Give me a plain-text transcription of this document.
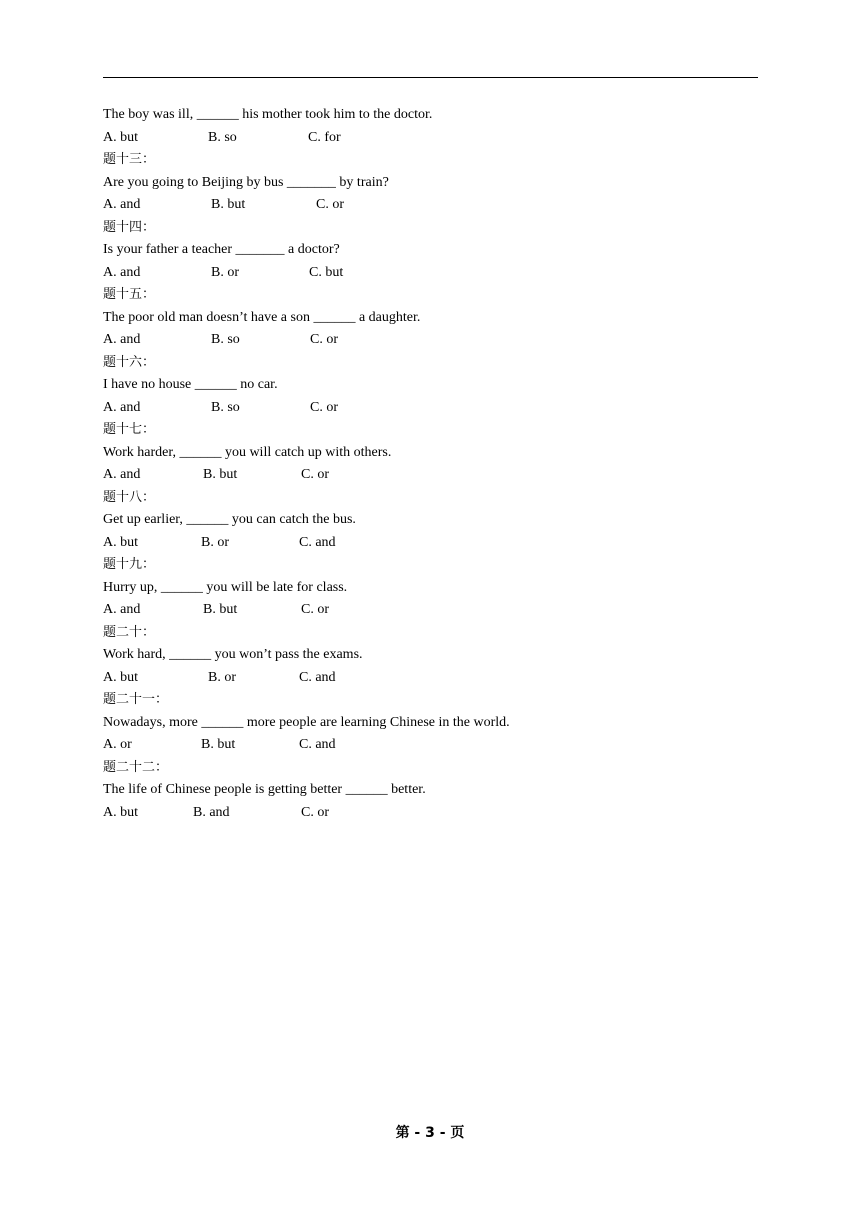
The boy was ill, ______ his mother took him to the doctor.

A. but

	B. so

	C. for

题十三：
Are you going to Beijing by bus _______ by train?

A. and

	B. but

	C. or

题十四：
Is your father a teacher _______ a doctor?

A. and

	B. or

	C. but

题十五：
The poor old man doesn’t have a son ______ a daughter.

A. and

	B. so

	C. or

题十六：
I have no house ______ no car.

A. and

	B. so

	C. or

题十七：
Work harder, ______ you will catch up with others.

A. and

	B. but

	C. or

题十八：
Get up earlier, ______ you can catch the bus.

A. but

	B. or

	C. and

题十九：
Hurry up, ______ you will be late for class.

A. and

	B. but

	C. or

题二十：
Work hard, ______ you won’t pass the exams.

A. but

	B. or

	C. and

题二十一：
Nowadays, more ______ more people are learning Chinese in the world.

A. or

	B. but

	C. and

题二十二：
The life of Chinese people is getting better ______ better.

A. but

	B. and

	C. or

第 - 3 - 页
